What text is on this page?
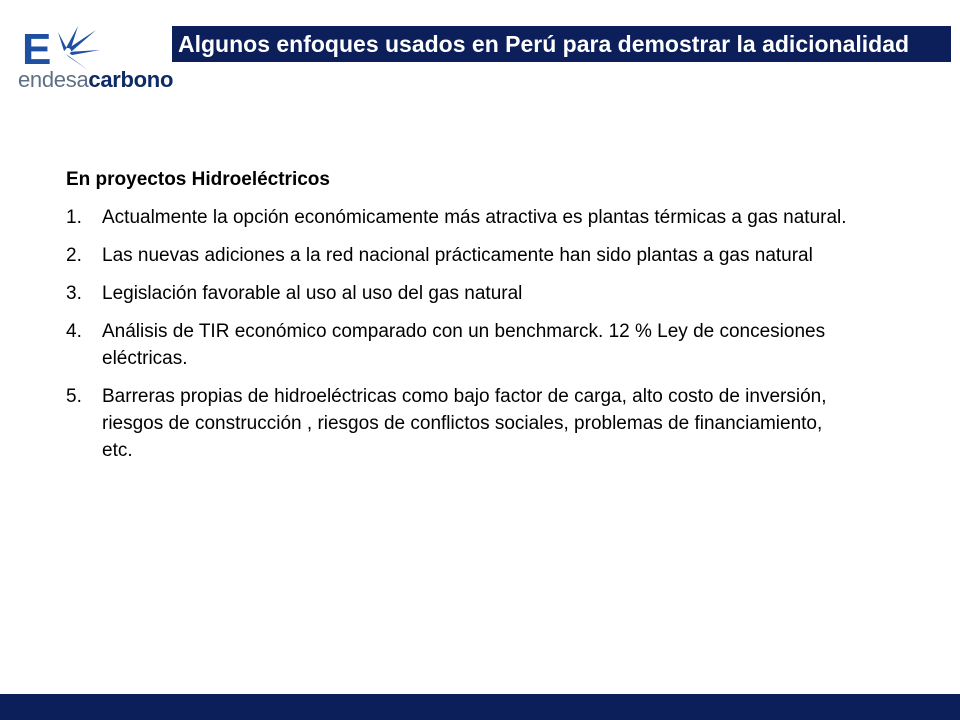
E
endesacarbono
Algunos enfoques usados en Perú para demostrar la adicionalidad
En proyectos Hidroeléctricos
1. Actualmente la opción económicamente más atractiva es plantas térmicas a gas natural.
2. Las nuevas adiciones a la red nacional prácticamente han sido plantas a gas natural
3. Legislación favorable al uso al uso del gas natural
4. Análisis de TIR económico comparado con un benchmarck. 12 % Ley de concesiones eléctricas.
5. Barreras propias de hidroeléctricas como bajo factor de carga, alto costo de inversión, riesgos de construcción , riesgos de conflictos sociales, problemas de financiamiento, etc.
